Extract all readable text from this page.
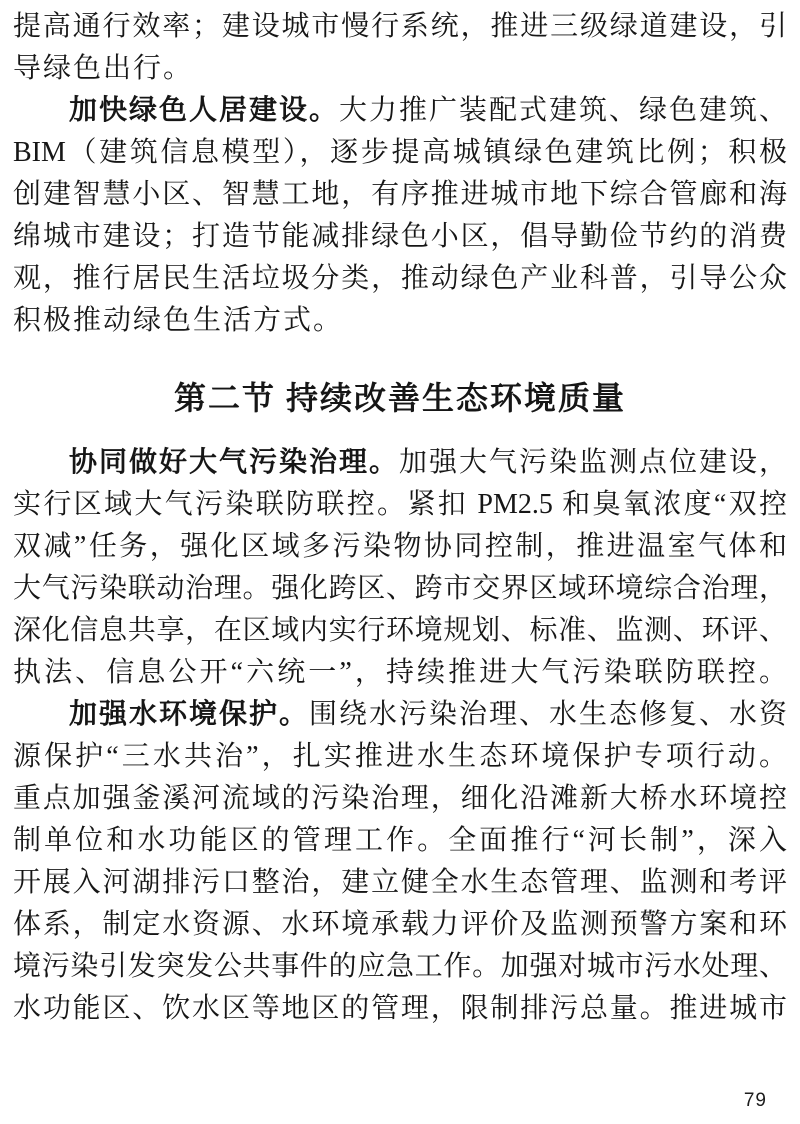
提高通行效率；建设城市慢行系统，推进三级绿道建设，引
导绿色出行。
加快绿色人居建设。大力推广装配式建筑、绿色建筑、
BIM（建筑信息模型），逐步提高城镇绿色建筑比例；积极
创建智慧小区、智慧工地，有序推进城市地下综合管廊和海
绵城市建设；打造节能减排绿色小区，倡导勤俭节约的消费
观，推行居民生活垃圾分类，推动绿色产业科普，引导公众
积极推动绿色生活方式。
第二节 持续改善生态环境质量
协同做好大气污染治理。加强大气污染监测点位建设，
实行区域大气污染联防联控。紧扣 PM2.5 和臭氧浓度“双控
双减”任务，强化区域多污染物协同控制，推进温室气体和
大气污染联动治理。强化跨区、跨市交界区域环境综合治理，
深化信息共享，在区域内实行环境规划、标准、监测、环评、
执法、信息公开“六统一”，持续推进大气污染联防联控。
加强水环境保护。围绕水污染治理、水生态修复、水资
源保护“三水共治”，扎实推进水生态环境保护专项行动。
重点加强釜溪河流域的污染治理，细化沿滩新大桥水环境控
制单位和水功能区的管理工作。全面推行“河长制”，深入
开展入河湖排污口整治，建立健全水生态管理、监测和考评
体系，制定水资源、水环境承载力评价及监测预警方案和环
境污染引发突发公共事件的应急工作。加强对城市污水处理、
水功能区、饮水区等地区的管理，限制排污总量。推进城市
79
